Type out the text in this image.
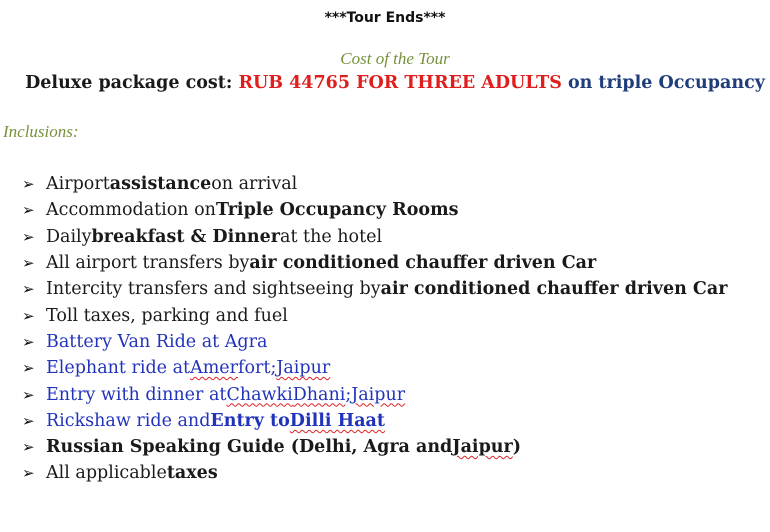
***Tour Ends***
Cost of the Tour
Deluxe package cost: RUB 44765 FOR THREE ADULTS on triple Occupancy
Inclusions:
➢ Airport assistance on arrival
➢ Accommodation on Triple Occupancy Rooms
➢ Daily breakfast & Dinner at the hotel
➢ All airport transfers by air conditioned chauffer driven Car
➢ Intercity transfers and sightseeing by air conditioned chauffer driven Car
➢ Toll taxes, parking and fuel
➢ Battery Van Ride at Agra
➢ Elephant ride at Amer fort; Jaipur
➢ Entry with dinner at Chawki Dhani ; Jaipur
➢ Rickshaw ride and Entry to Dilli Haat
➢ Russian Speaking Guide (Delhi, Agra and Jaipur )
➢ All applicable taxes
